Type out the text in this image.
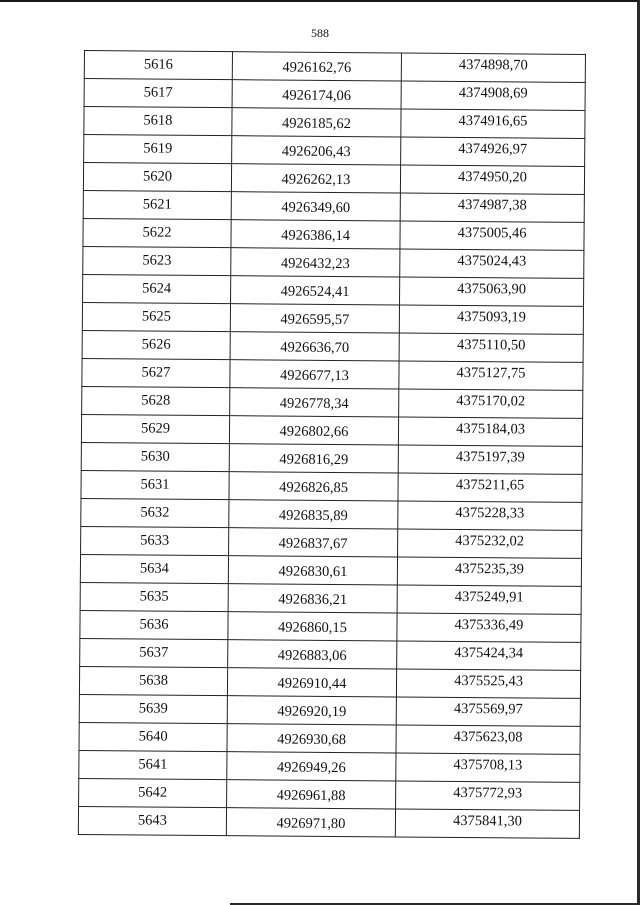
588
5616	4926162,76	4374898,70
5617	4926174,06	4374908,69
5618	4926185,62	4374916,65
5619	4926206,43	4374926,97
5620	4926262,13	4374950,20
5621	4926349,60	4374987,38
5622	4926386,14	4375005,46
5623	4926432,23	4375024,43
5624	4926524,41	4375063,90
5625	4926595,57	4375093,19
5626	4926636,70	4375110,50
5627	4926677,13	4375127,75
5628	4926778,34	4375170,02
5629	4926802,66	4375184,03
5630	4926816,29	4375197,39
5631	4926826,85	4375211,65
5632	4926835,89	4375228,33
5633	4926837,67	4375232,02
5634	4926830,61	4375235,39
5635	4926836,21	4375249,91
5636	4926860,15	4375336,49
5637	4926883,06	4375424,34
5638	4926910,44	4375525,43
5639	4926920,19	4375569,97
5640	4926930,68	4375623,08
5641	4926949,26	4375708,13
5642	4926961,88	4375772,93
5643	4926971,80	4375841,30
